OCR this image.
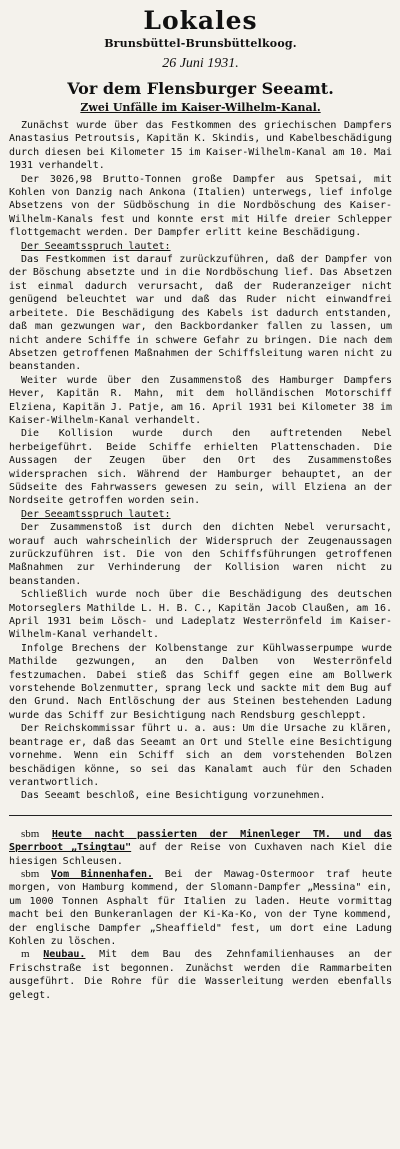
Lokales
Brunsbüttel-Brunsbüttelkoog.
26 Juni 1931.
Vor dem Flensburger Seeamt.
Zwei Unfälle im Kaiser-Wilhelm-Kanal.

Zunächst wurde über das Festkommen des griechischen Dampfers Anastasius Petroutsis, Kapitän K. Skindis, und Kabelbeschädigung durch diesen bei Kilometer 15 im Kaiser-Wilhelm-Kanal am 10. Mai 1931 verhandelt.

Der 3026,98 Brutto-Tonnen große Dampfer aus Spetsai, mit Kohlen von Danzig nach Ankona (Italien) unterwegs, lief infolge Absetzens von der Südböschung in die Nordböschung des Kaiser-Wilhelm-Kanals fest und konnte erst mit Hilfe dreier Schlepper flottgemacht werden. Der Dampfer erlitt keine Beschädigung.

Der Seeamtsspruch lautet:

Das Festkommen ist darauf zurückzuführen, daß der Dampfer von der Böschung absetzte und in die Nordböschung lief. Das Absetzen ist einmal dadurch verursacht, daß der Ruderanzeiger nicht genügend beleuchtet war und daß das Ruder nicht einwandfrei arbeitete. Die Beschädigung des Kabels ist dadurch entstanden, daß man gezwungen war, den Backbordanker fallen zu lassen, um nicht andere Schiffe in schwere Gefahr zu bringen. Die nach dem Absetzen getroffenen Maßnahmen der Schiffsleitung waren nicht zu beanstanden.

Weiter wurde über den Zusammenstoß des Hamburger Dampfers Hever, Kapitän R. Mahn, mit dem holländischen Motorschiff Elziena, Kapitän J. Patje, am 16. April 1931 bei Kilometer 38 im Kaiser-Wilhelm-Kanal verhandelt.

Die Kollision wurde durch den auftretenden Nebel herbeigeführt. Beide Schiffe erhielten Plattenschaden. Die Aussagen der Zeugen über den Ort des Zusammenstoßes widersprachen sich. Während der Hamburger behauptet, an der Südseite des Fahrwassers gewesen zu sein, will Elziena an der Nordseite getroffen worden sein.

Der Seeamtsspruch lautet:

Der Zusammenstoß ist durch den dichten Nebel verursacht, worauf auch wahrscheinlich der Widerspruch der Zeugenaussagen zurückzuführen ist. Die von den Schiffsführungen getroffenen Maßnahmen zur Verhinderung der Kollision waren nicht zu beanstanden.

Schließlich wurde noch über die Beschädigung des deutschen Motorseglers Mathilde L. H. B. C., Kapitän Jacob Claußen, am 16. April 1931 beim Lösch- und Ladeplatz Westerrönfeld im Kaiser-Wilhelm-Kanal verhandelt.

Infolge Brechens der Kolbenstange zur Kühlwasserpumpe wurde Mathilde gezwungen, an den Dalben von Westerrönfeld festzumachen. Dabei stieß das Schiff gegen eine am Bollwerk vorstehende Bolzenmutter, sprang leck und sackte mit dem Bug auf den Grund. Nach Entlöschung der aus Steinen bestehenden Ladung wurde das Schiff zur Besichtigung nach Rendsburg geschleppt.

Der Reichskommissar führt u. a. aus: Um die Ursache zu klären, beantrage er, daß das Seeamt an Ort und Stelle eine Besichtigung vornehme. Wenn ein Schiff sich an dem vorstehenden Bolzen beschädigen könne, so sei das Kanalamt auch für den Schaden verantwortlich.

Das Seeamt beschloß, eine Besichtigung vorzunehmen.

sbm Heute nacht passierten der Minenleger TM. und das Sperrboot „Tsingtau" auf der Reise von Cuxhaven nach Kiel die hiesigen Schleusen.

sbm Vom Binnenhafen. Bei der Mawag-Ostermoor traf heute morgen, von Hamburg kommend, der Slomann-Dampfer „Messina" ein, um 1000 Tonnen Asphalt für Italien zu laden. Heute vormittag macht bei den Bunkeranlagen der Ki-Ka-Ko, von der Tyne kommend, der englische Dampfer „Sheaffield" fest, um dort eine Ladung Kohlen zu löschen.

m Neubau. Mit dem Bau des Zehnfamilienhauses an der Frischstraße ist begonnen. Zunächst werden die Rammarbeiten ausgeführt. Die Rohre für die Wasserleitung werden ebenfalls gelegt.
